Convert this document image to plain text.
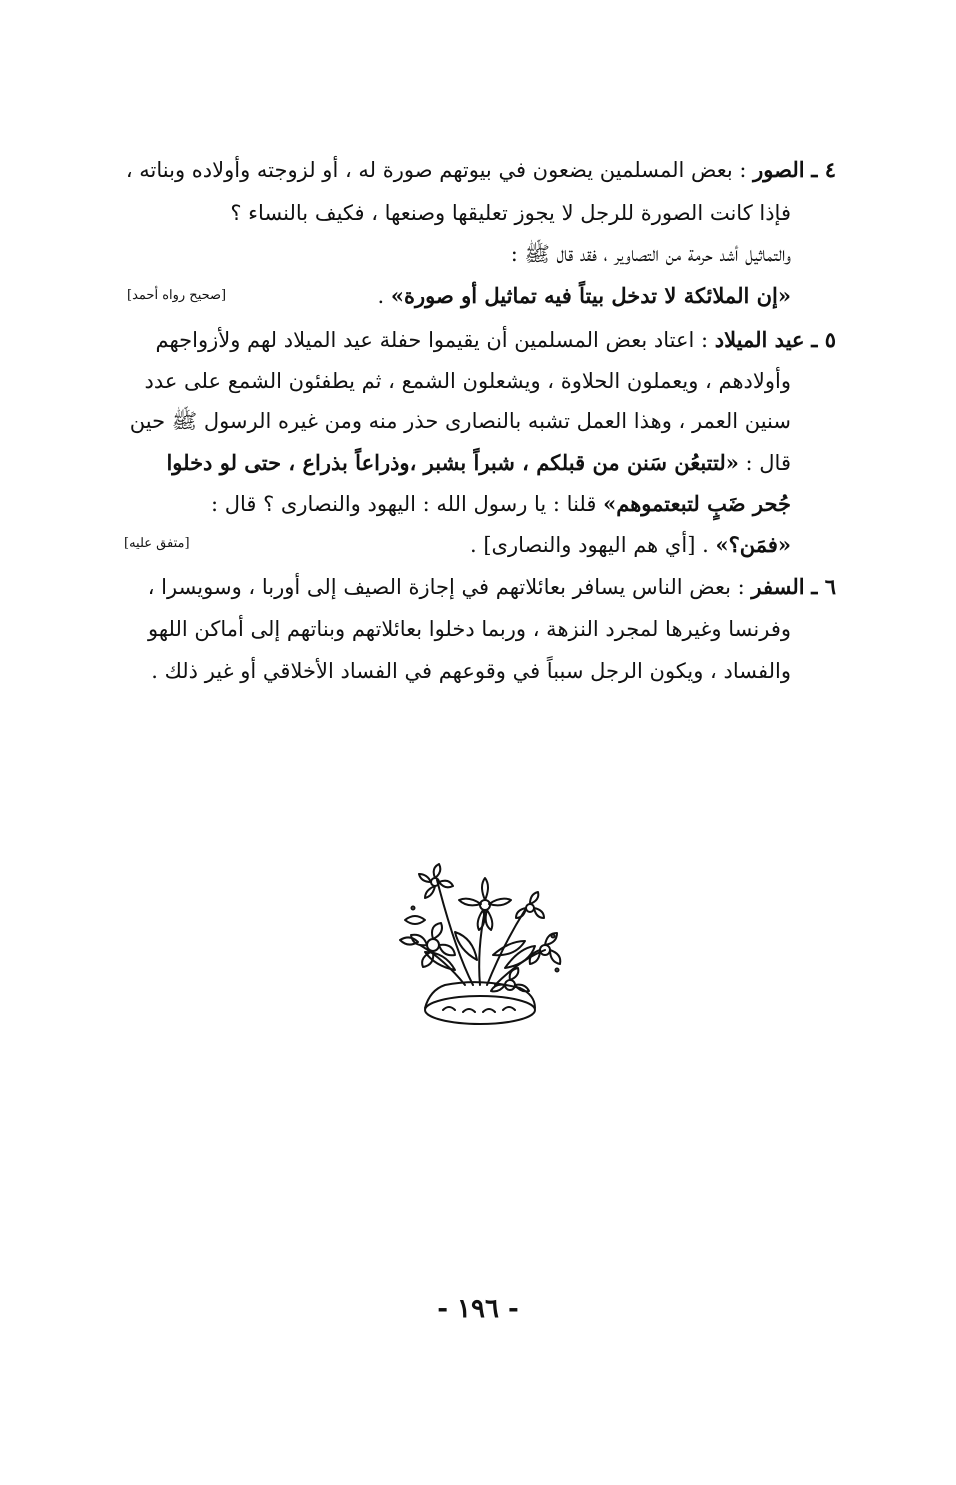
٤ ـ الصور : بعض المسلمين يضعون في بيوتهم صورة له ، أو لزوجته وأولاده وبناته ،
فإذا كانت الصورة للرجل لا يجوز تعليقها وصنعها ، فكيف بالنساء ؟
والتماثيل أشد حرمة من التصاوير ، فقد قال ﷺ :
«إن الملائكة لا تدخل بيتاً فيه تماثيل أو صورة» .
[صحيح رواه أحمد]
٥ ـ عيد الميلاد : اعتاد بعض المسلمين أن يقيموا حفلة عيد الميلاد لهم ولأزواجهم
وأولادهم ، ويعملون الحلاوة ، ويشعلون الشمع ، ثم يطفئون الشمع على عدد
سنين العمر ، وهذا العمل تشبه بالنصارى حذر منه ومن غيره الرسول ﷺ حين
قال : «لتتبعُن سَنن من قبلكم ، شبراً بشبر ،وذراعاً بذراع ، حتى لو دخلوا
جُحر ضَبٍ لتبعتموهم» قلنا : يا رسول الله : اليهود والنصارى ؟ قال :
«فمَن؟» . [أي هم اليهود والنصارى] .
[متفق عليه]
٦ ـ السفر : بعض الناس يسافر بعائلاتهم في إجازة الصيف إلى أوربا ، وسويسرا ،
وفرنسا وغيرها لمجرد النزهة ، وربما دخلوا بعائلاتهم وبناتهم إلى أماكن اللهو
والفساد ، ويكون الرجل سبباً في وقوعهم في الفساد الأخلاقي أو غير ذلك .
- ١٩٦ -
